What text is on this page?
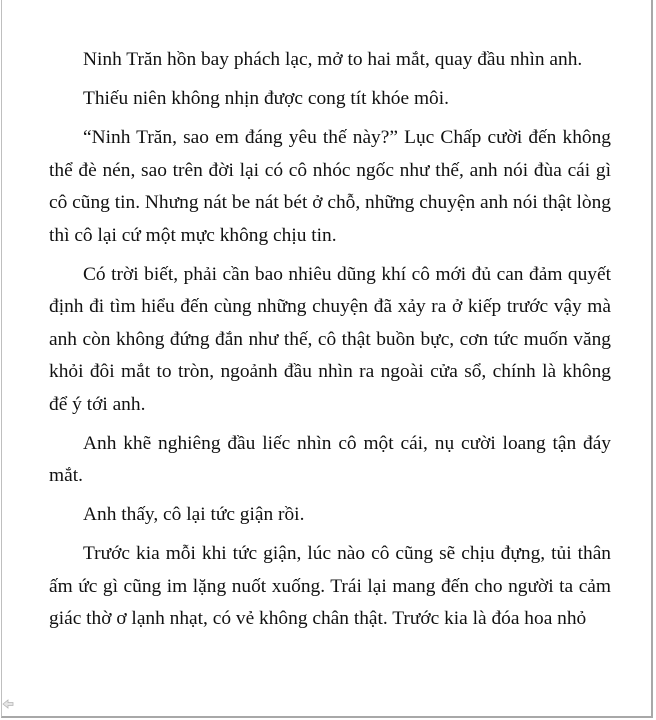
Ninh Trăn hồn bay phách lạc, mở to hai mắt, quay đầu nhìn anh.

Thiếu niên không nhịn được cong tít khóe môi.

“Ninh Trăn, sao em đáng yêu thế này?” Lục Chấp cười đến không thể đè nén, sao trên đời lại có cô nhóc ngốc như thế, anh nói đùa cái gì cô cũng tin. Nhưng nát be nát bét ở chỗ, những chuyện anh nói thật lòng thì cô lại cứ một mực không chịu tin.

Có trời biết, phải cần bao nhiêu dũng khí cô mới đủ can đảm quyết định đi tìm hiểu đến cùng những chuyện đã xảy ra ở kiếp trước vậy mà anh còn không đứng đắn như thế, cô thật buồn bực, cơn tức muốn văng khỏi đôi mắt to tròn, ngoảnh đầu nhìn ra ngoài cửa sổ, chính là không để ý tới anh.

Anh khẽ nghiêng đầu liếc nhìn cô một cái, nụ cười loang tận đáy mắt.

Anh thấy, cô lại tức giận rồi.

Trước kia mỗi khi tức giận, lúc nào cô cũng sẽ chịu đựng, tủi thân ấm ức gì cũng im lặng nuốt xuống. Trái lại mang đến cho người ta cảm giác thờ ơ lạnh nhạt, có vẻ không chân thật. Trước kia là đóa hoa nhỏ
